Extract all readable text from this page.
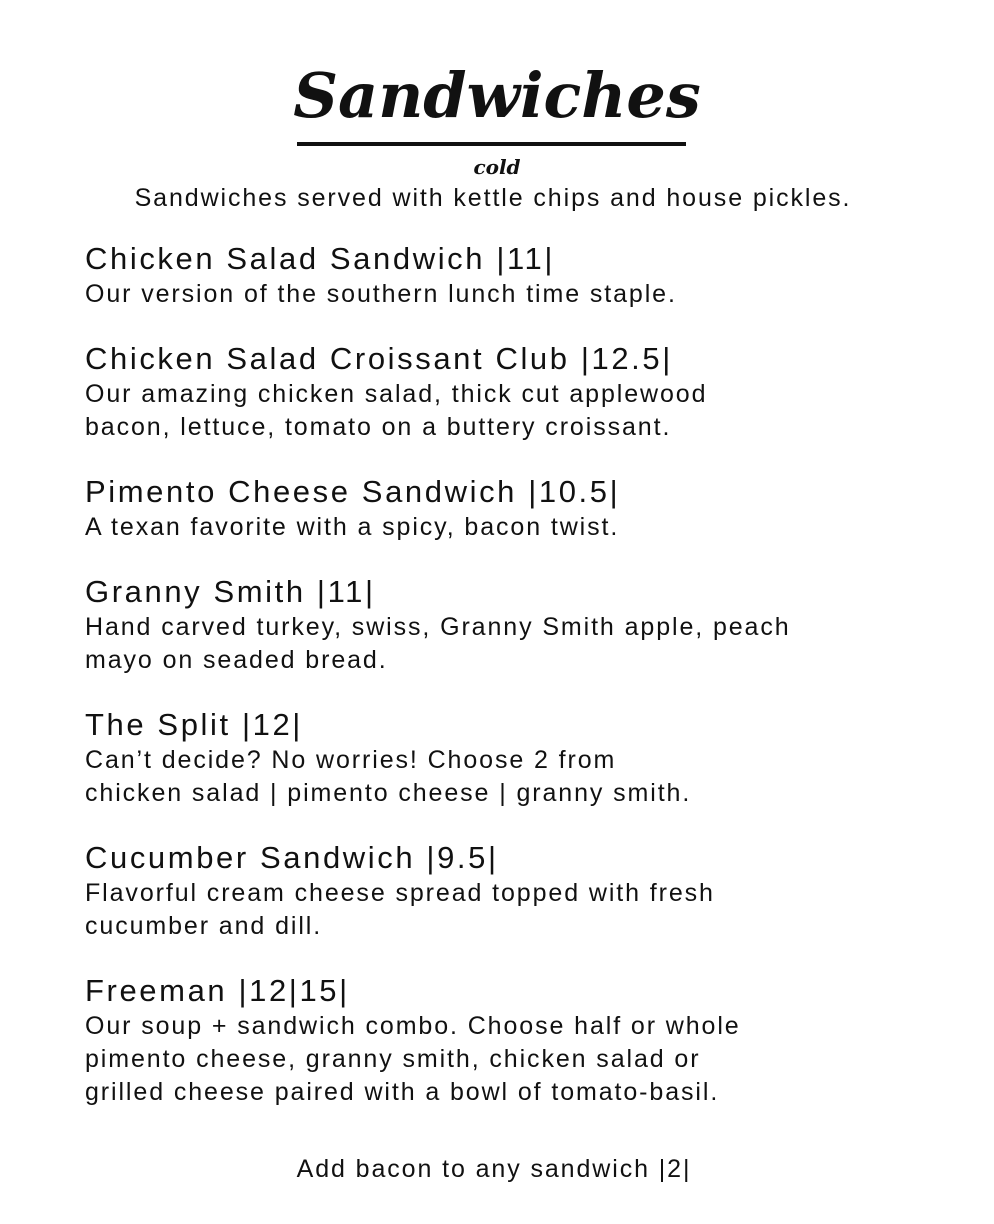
Sandwiches
cold
Sandwiches served with kettle chips and house pickles.
Chicken Salad Sandwich |11|
Our version of the southern lunch time staple.
Chicken Salad Croissant Club |12.5|
Our amazing chicken salad, thick cut applewood
bacon, lettuce, tomato on a buttery croissant.
Pimento Cheese Sandwich |10.5|
A texan favorite with a spicy, bacon twist.
Granny Smith |11|
Hand carved turkey, swiss, Granny Smith apple, peach
mayo on seaded bread.
The Split |12|
Can’t decide? No worries! Choose 2 from
chicken salad | pimento cheese | granny smith.
Cucumber Sandwich |9.5|
Flavorful cream cheese spread topped with fresh
cucumber and dill.
Freeman |12|15|
Our soup + sandwich combo. Choose half or whole
pimento cheese, granny smith, chicken salad or
grilled cheese paired with a bowl of tomato-basil.
Add bacon to any sandwich |2|
